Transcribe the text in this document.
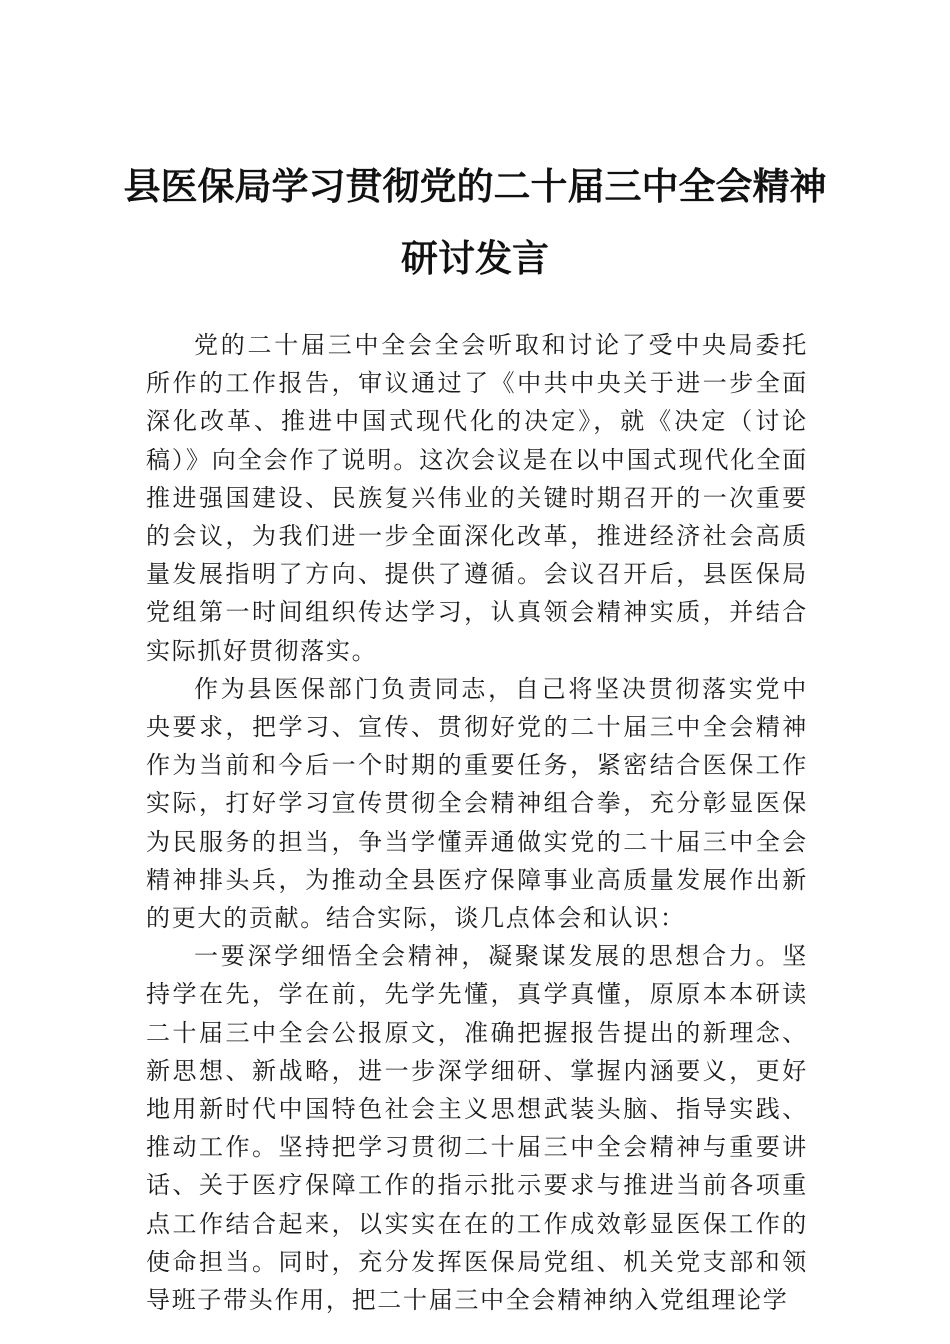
县医保局学习贯彻党的二十届三中全会精神研讨发言

党的二十届三中全会全会听取和讨论了受中央局委托所作的工作报告，审议通过了《中共中央关于进一步全面深化改革、推进中国式现代化的决定》，就《决定（讨论稿）》向全会作了说明。这次会议是在以中国式现代化全面推进强国建设、民族复兴伟业的关键时期召开的一次重要的会议，为我们进一步全面深化改革，推进经济社会高质量发展指明了方向、提供了遵循。会议召开后，县医保局党组第一时间组织传达学习，认真领会精神实质，并结合实际抓好贯彻落实。

作为县医保部门负责同志，自己将坚决贯彻落实党中央要求，把学习、宣传、贯彻好党的二十届三中全会精神作为当前和今后一个时期的重要任务，紧密结合医保工作实际，打好学习宣传贯彻全会精神组合拳，充分彰显医保为民服务的担当，争当学懂弄通做实党的二十届三中全会精神排头兵，为推动全县医疗保障事业高质量发展作出新的更大的贡献。结合实际，谈几点体会和认识：

一要深学细悟全会精神，凝聚谋发展的思想合力。坚持学在先，学在前，先学先懂，真学真懂，原原本本研读二十届三中全会公报原文，准确把握报告提出的新理念、新思想、新战略，进一步深学细研、掌握内涵要义，更好地用新时代中国特色社会主义思想武装头脑、指导实践、推动工作。坚持把学习贯彻二十届三中全会精神与重要讲话、关于医疗保障工作的指示批示要求与推进当前各项重点工作结合起来，以实实在在的工作成效彰显医保工作的使命担当。同时，充分发挥医保局党组、机关党支部和领导班子带头作用，把二十届三中全会精神纳入党组理论学
